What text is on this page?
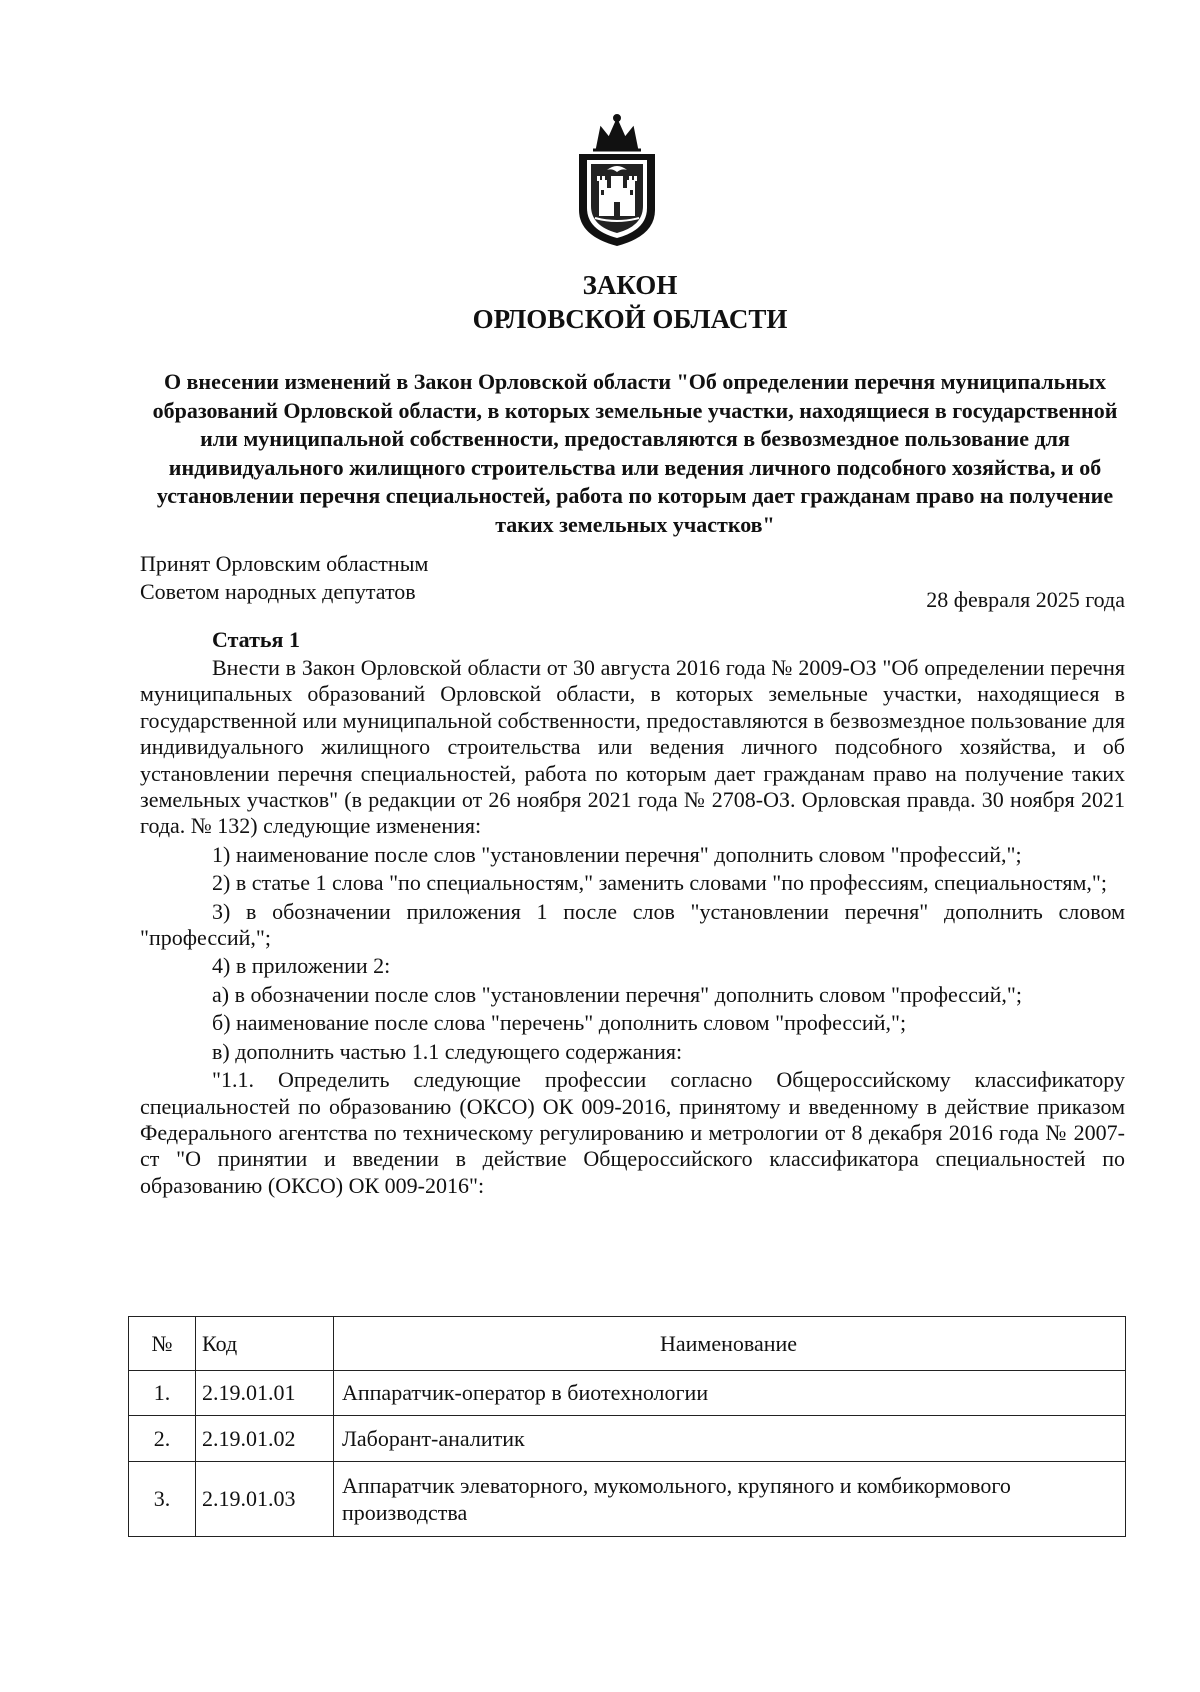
ЗАКОН
ОРЛОВСКОЙ ОБЛАСТИ
О внесении изменений в Закон Орловской области "Об определении перечня муниципальных образований Орловской области, в которых земельные участки, находящиеся в государственной или муниципальной собственности, предоставляются в безвозмездное пользование для индивидуального жилищного строительства или ведения личного подсобного хозяйства, и об установлении перечня специальностей, работа по которым дает гражданам право на получение таких земельных участков"
Принят Орловским областным
Советом народных депутатов	28 февраля 2025 года
Статья 1

Внести в Закон Орловской области от 30 августа 2016 года № 2009-ОЗ "Об определении перечня муниципальных образований Орловской области, в которых земельные участки, находящиеся в государственной или муниципальной собственности, предоставляются в безвозмездное пользование для индивидуального жилищного строительства или ведения личного подсобного хозяйства, и об установлении перечня специальностей, работа по которым дает гражданам право на получение таких земельных участков" (в редакции от 26 ноября 2021 года № 2708-ОЗ. Орловская правда. 30 ноября 2021 года. № 132) следующие изменения:

1) наименование после слов "установлении перечня" дополнить словом "профессий,";

2) в статье 1 слова "по специальностям," заменить словами "по профессиям, специальностям,";

3) в обозначении приложения 1 после слов "установлении перечня" дополнить словом "профессий,";

4) в приложении 2:

а) в обозначении после слов "установлении перечня" дополнить словом "профессий,";

б) наименование после слова "перечень" дополнить словом "профессий,";

в) дополнить частью 1.1 следующего содержания:

"1.1. Определить следующие профессии согласно Общероссийскому классификатору специальностей по образованию (ОКСО) ОК 009-2016, принятому и введенному в действие приказом Федерального агентства по техническому регулированию и метрологии от 8 декабря 2016 года № 2007-ст "О принятии и введении в действие Общероссийского классификатора специальностей по образованию (ОКСО) ОК 009-2016":

№	Код	Наименование
1.	2.19.01.01	Аппаратчик-оператор в биотехнологии
2.	2.19.01.02	Лаборант-аналитик
3.	2.19.01.03	Аппаратчик элеваторного, мукомольного, крупяного и комбикормового производства
